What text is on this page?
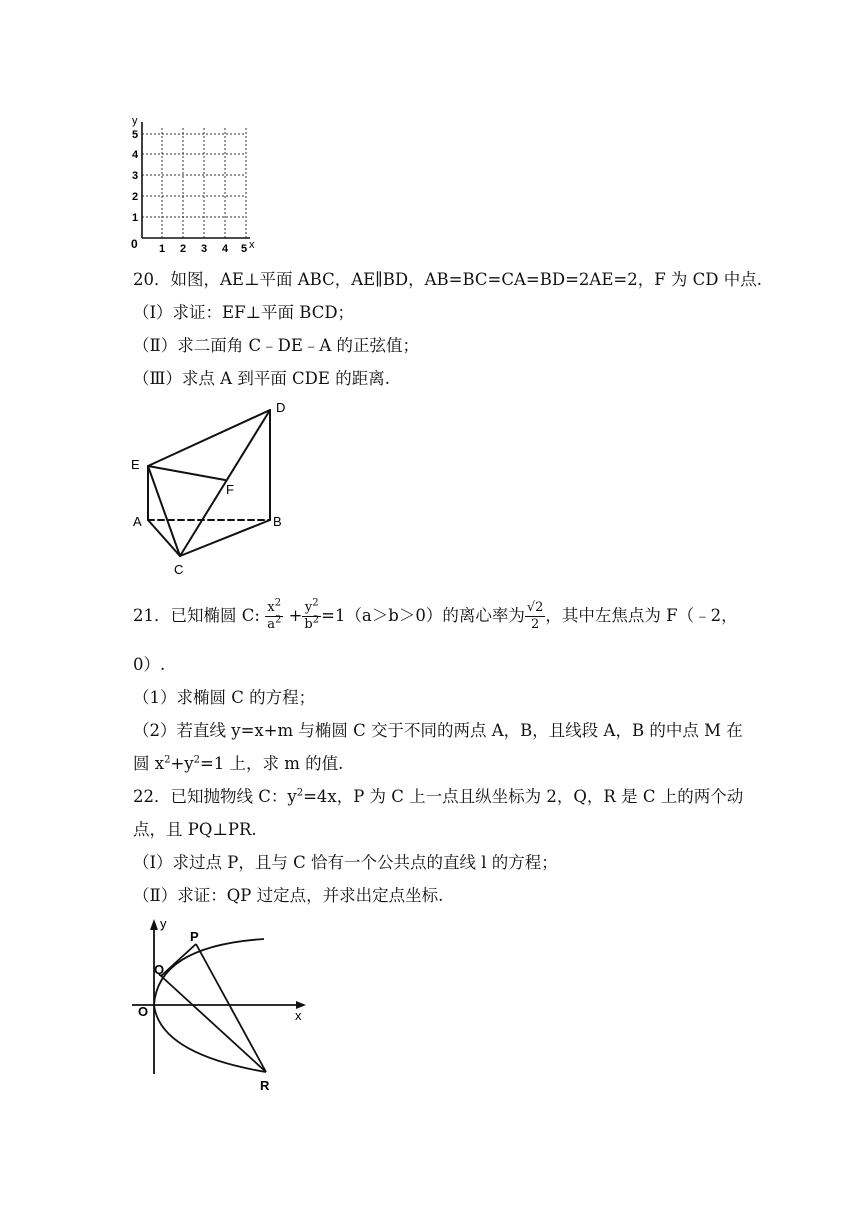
y
x
0 1 2 3 4 5
1
2
3
4
5
20．如图，AE⊥平面 ABC，AE∥BD，AB=BC=CA=BD=2AE=2，F 为 CD 中点.
（Ⅰ）求证：EF⊥平面 BCD；
（Ⅱ）求二面角 C﹣DE﹣A 的正弦值；
（Ⅲ）求点 A 到平面 CDE 的距离.
D
E
F
A	B
C
21．已知椭圆 C: $\frac{x^2}{a^2} + \frac{y^2}{b^2} =1(a>b>0)$的离心率为 $\frac{√2}{2}$ ，其中左焦点为 F（﹣2，
0）.
（1）求椭圆 C 的方程；
（2）若直线 y=x+m 与椭圆 C 交于不同的两点 A，B，且线段 A，B 的中点 M 在
圆 $x^2+y^2=1$ 上，求 m 的值.
22．已知抛物线 C：$y^2=4x$，P 为 C 上一点且纵坐标为 2，Q，R 是 C 上的两个动
点，且 PQ⊥PR.
（Ⅰ）求过点 P，且与 C 恰有一个公共点的直线 l 的方程；
（Ⅱ）求证：QP 过定点，并求出定点坐标.
y
x
O
P
Q
R
